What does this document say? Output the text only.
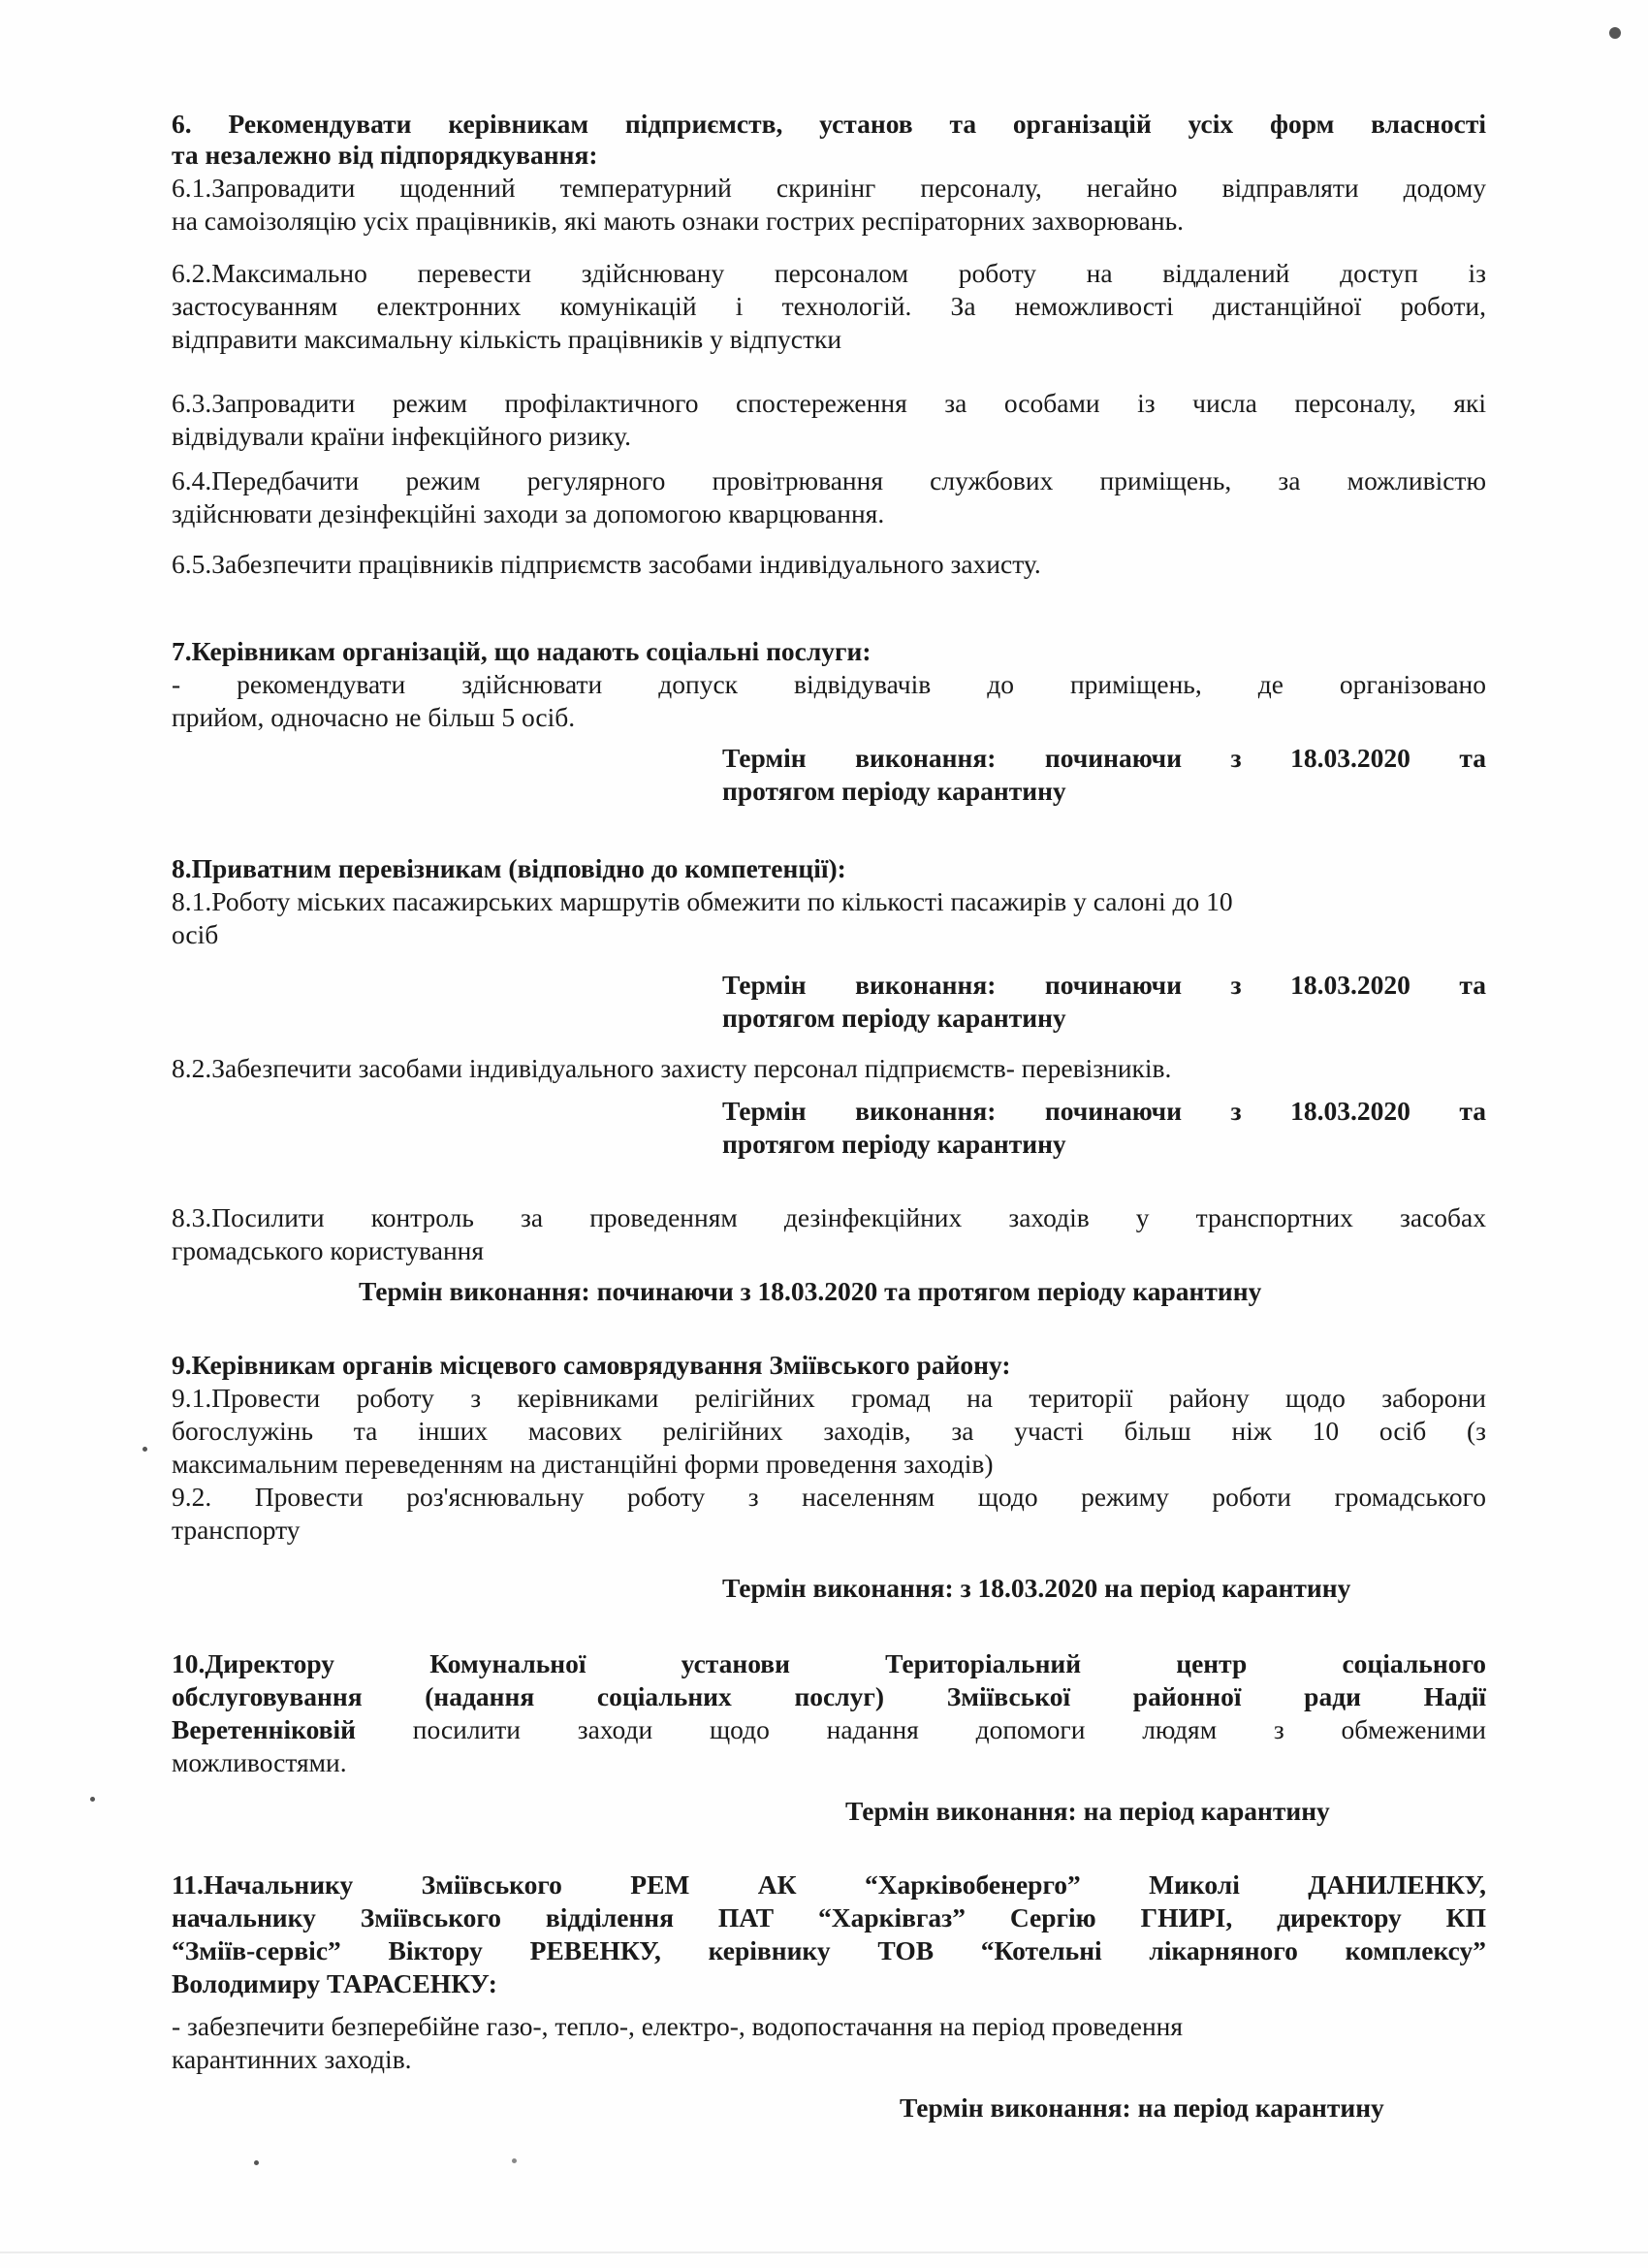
6. Рекомендувати керівникам підприємств, установ та організацій усіх форм власності
та незалежно від підпорядкування:
6.1.Запровадити щоденний температурний скринінг персоналу, негайно відправляти додому
на самоізоляцію усіх працівників, які мають ознаки гострих респіраторних захворювань.
6.2.Максимально перевести здійснювану персоналом роботу на віддалений доступ із
застосуванням електронних комунікацій і технологій. За неможливості дистанційної роботи,
відправити максимальну кількість працівників у відпустки
6.3.Запровадити режим профілактичного спостереження за особами із числа персоналу, які
відвідували країни інфекційного ризику.
6.4.Передбачити режим регулярного провітрювання службових приміщень, за можливістю
здійснювати дезінфекційні заходи за допомогою кварцювання.
6.5.Забезпечити працівників підприємств засобами індивідуального захисту.
7.Керівникам організацій, що надають соціальні послуги:
- рекомендувати здійснювати допуск відвідувачів до приміщень, де організовано
прийом, одночасно не більш 5 осіб.
Термін виконання: починаючи з 18.03.2020 та
протягом періоду карантину
8.Приватним перевізникам (відповідно до компетенції):
8.1.Роботу міських пасажирських маршрутів обмежити по кількості пасажирів у салоні до 10
осіб
Термін виконання: починаючи з 18.03.2020 та
протягом періоду карантину
8.2.Забезпечити засобами індивідуального захисту персонал підприємств- перевізників.
Термін виконання: починаючи з 18.03.2020 та
протягом періоду карантину
8.3.Посилити контроль за проведенням дезінфекційних заходів у транспортних засобах
громадського користування
Термін виконання: починаючи з 18.03.2020 та протягом періоду карантину
9.Керівникам органів місцевого самоврядування Зміївського району:
9.1.Провести роботу з керівниками релігійних громад на території району щодо заборони
богослужінь та інших масових релігійних заходів, за участі більш ніж 10 осіб (з
максимальним переведенням на дистанційні форми проведення заходів)
9.2. Провести роз'яснювальну роботу з населенням щодо режиму роботи громадського
транспорту
Термін виконання: з 18.03.2020 на період карантину
10.Директору Комунальної установи Територіальний центр соціального
обслуговування (надання соціальних послуг) Зміївської районної ради Надії
Веретенніковій посилити заходи щодо надання допомоги людям з обмеженими
можливостями.
Термін виконання: на період карантину
11.Начальнику Зміївського РЕМ АК “Харківобенерго” Миколі ДАНИЛЕНКУ,
начальнику Зміївського відділення ПАТ “Харківгаз” Сергію ГНИРІ, директору КП
“Зміїв-сервіс” Віктору РЕВЕНКУ, керівнику ТОВ “Котельні лікарняного комплексу”
Володимиру ТАРАСЕНКУ:
- забезпечити безперебійне газо-, тепло-, електро-, водопостачання на період проведення
карантинних заходів.
Термін виконання: на період карантину
